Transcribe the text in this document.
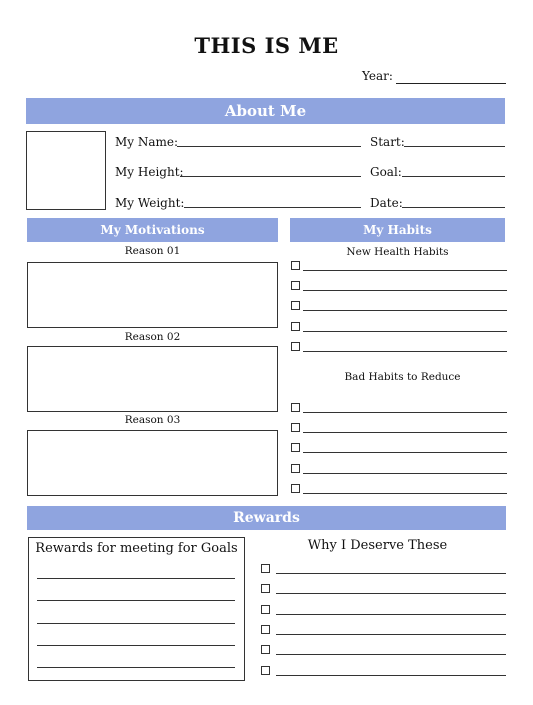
THIS IS ME
Year:
About Me
My Name:
My Height:
My Weight:
Start:
Goal:
Date:
My Motivations
Reason 01
Reason 02
Reason 03
My Habits
New Health Habits
Bad Habits to Reduce
Rewards
Rewards for meeting for Goals	Why I Deserve These
